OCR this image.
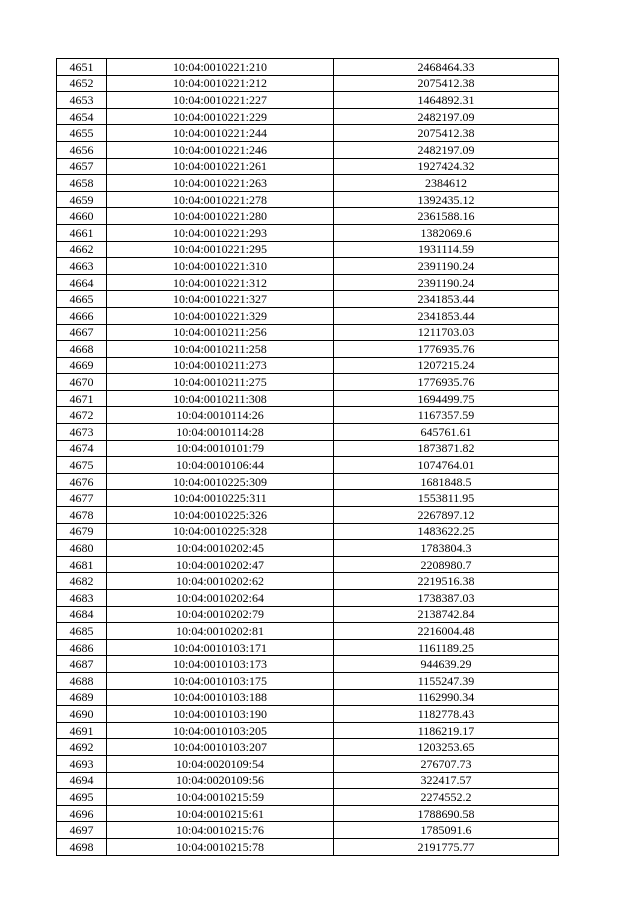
4651	10:04:0010221:210	2468464.33
4652	10:04:0010221:212	2075412.38
4653	10:04:0010221:227	1464892.31
4654	10:04:0010221:229	2482197.09
4655	10:04:0010221:244	2075412.38
4656	10:04:0010221:246	2482197.09
4657	10:04:0010221:261	1927424.32
4658	10:04:0010221:263	2384612
4659	10:04:0010221:278	1392435.12
4660	10:04:0010221:280	2361588.16
4661	10:04:0010221:293	1382069.6
4662	10:04:0010221:295	1931114.59
4663	10:04:0010221:310	2391190.24
4664	10:04:0010221:312	2391190.24
4665	10:04:0010221:327	2341853.44
4666	10:04:0010221:329	2341853.44
4667	10:04:0010211:256	1211703.03
4668	10:04:0010211:258	1776935.76
4669	10:04:0010211:273	1207215.24
4670	10:04:0010211:275	1776935.76
4671	10:04:0010211:308	1694499.75
4672	10:04:0010114:26	1167357.59
4673	10:04:0010114:28	645761.61
4674	10:04:0010101:79	1873871.82
4675	10:04:0010106:44	1074764.01
4676	10:04:0010225:309	1681848.5
4677	10:04:0010225:311	1553811.95
4678	10:04:0010225:326	2267897.12
4679	10:04:0010225:328	1483622.25
4680	10:04:0010202:45	1783804.3
4681	10:04:0010202:47	2208980.7
4682	10:04:0010202:62	2219516.38
4683	10:04:0010202:64	1738387.03
4684	10:04:0010202:79	2138742.84
4685	10:04:0010202:81	2216004.48
4686	10:04:0010103:171	1161189.25
4687	10:04:0010103:173	944639.29
4688	10:04:0010103:175	1155247.39
4689	10:04:0010103:188	1162990.34
4690	10:04:0010103:190	1182778.43
4691	10:04:0010103:205	1186219.17
4692	10:04:0010103:207	1203253.65
4693	10:04:0020109:54	276707.73
4694	10:04:0020109:56	322417.57
4695	10:04:0010215:59	2274552.2
4696	10:04:0010215:61	1788690.58
4697	10:04:0010215:76	1785091.6
4698	10:04:0010215:78	2191775.77
